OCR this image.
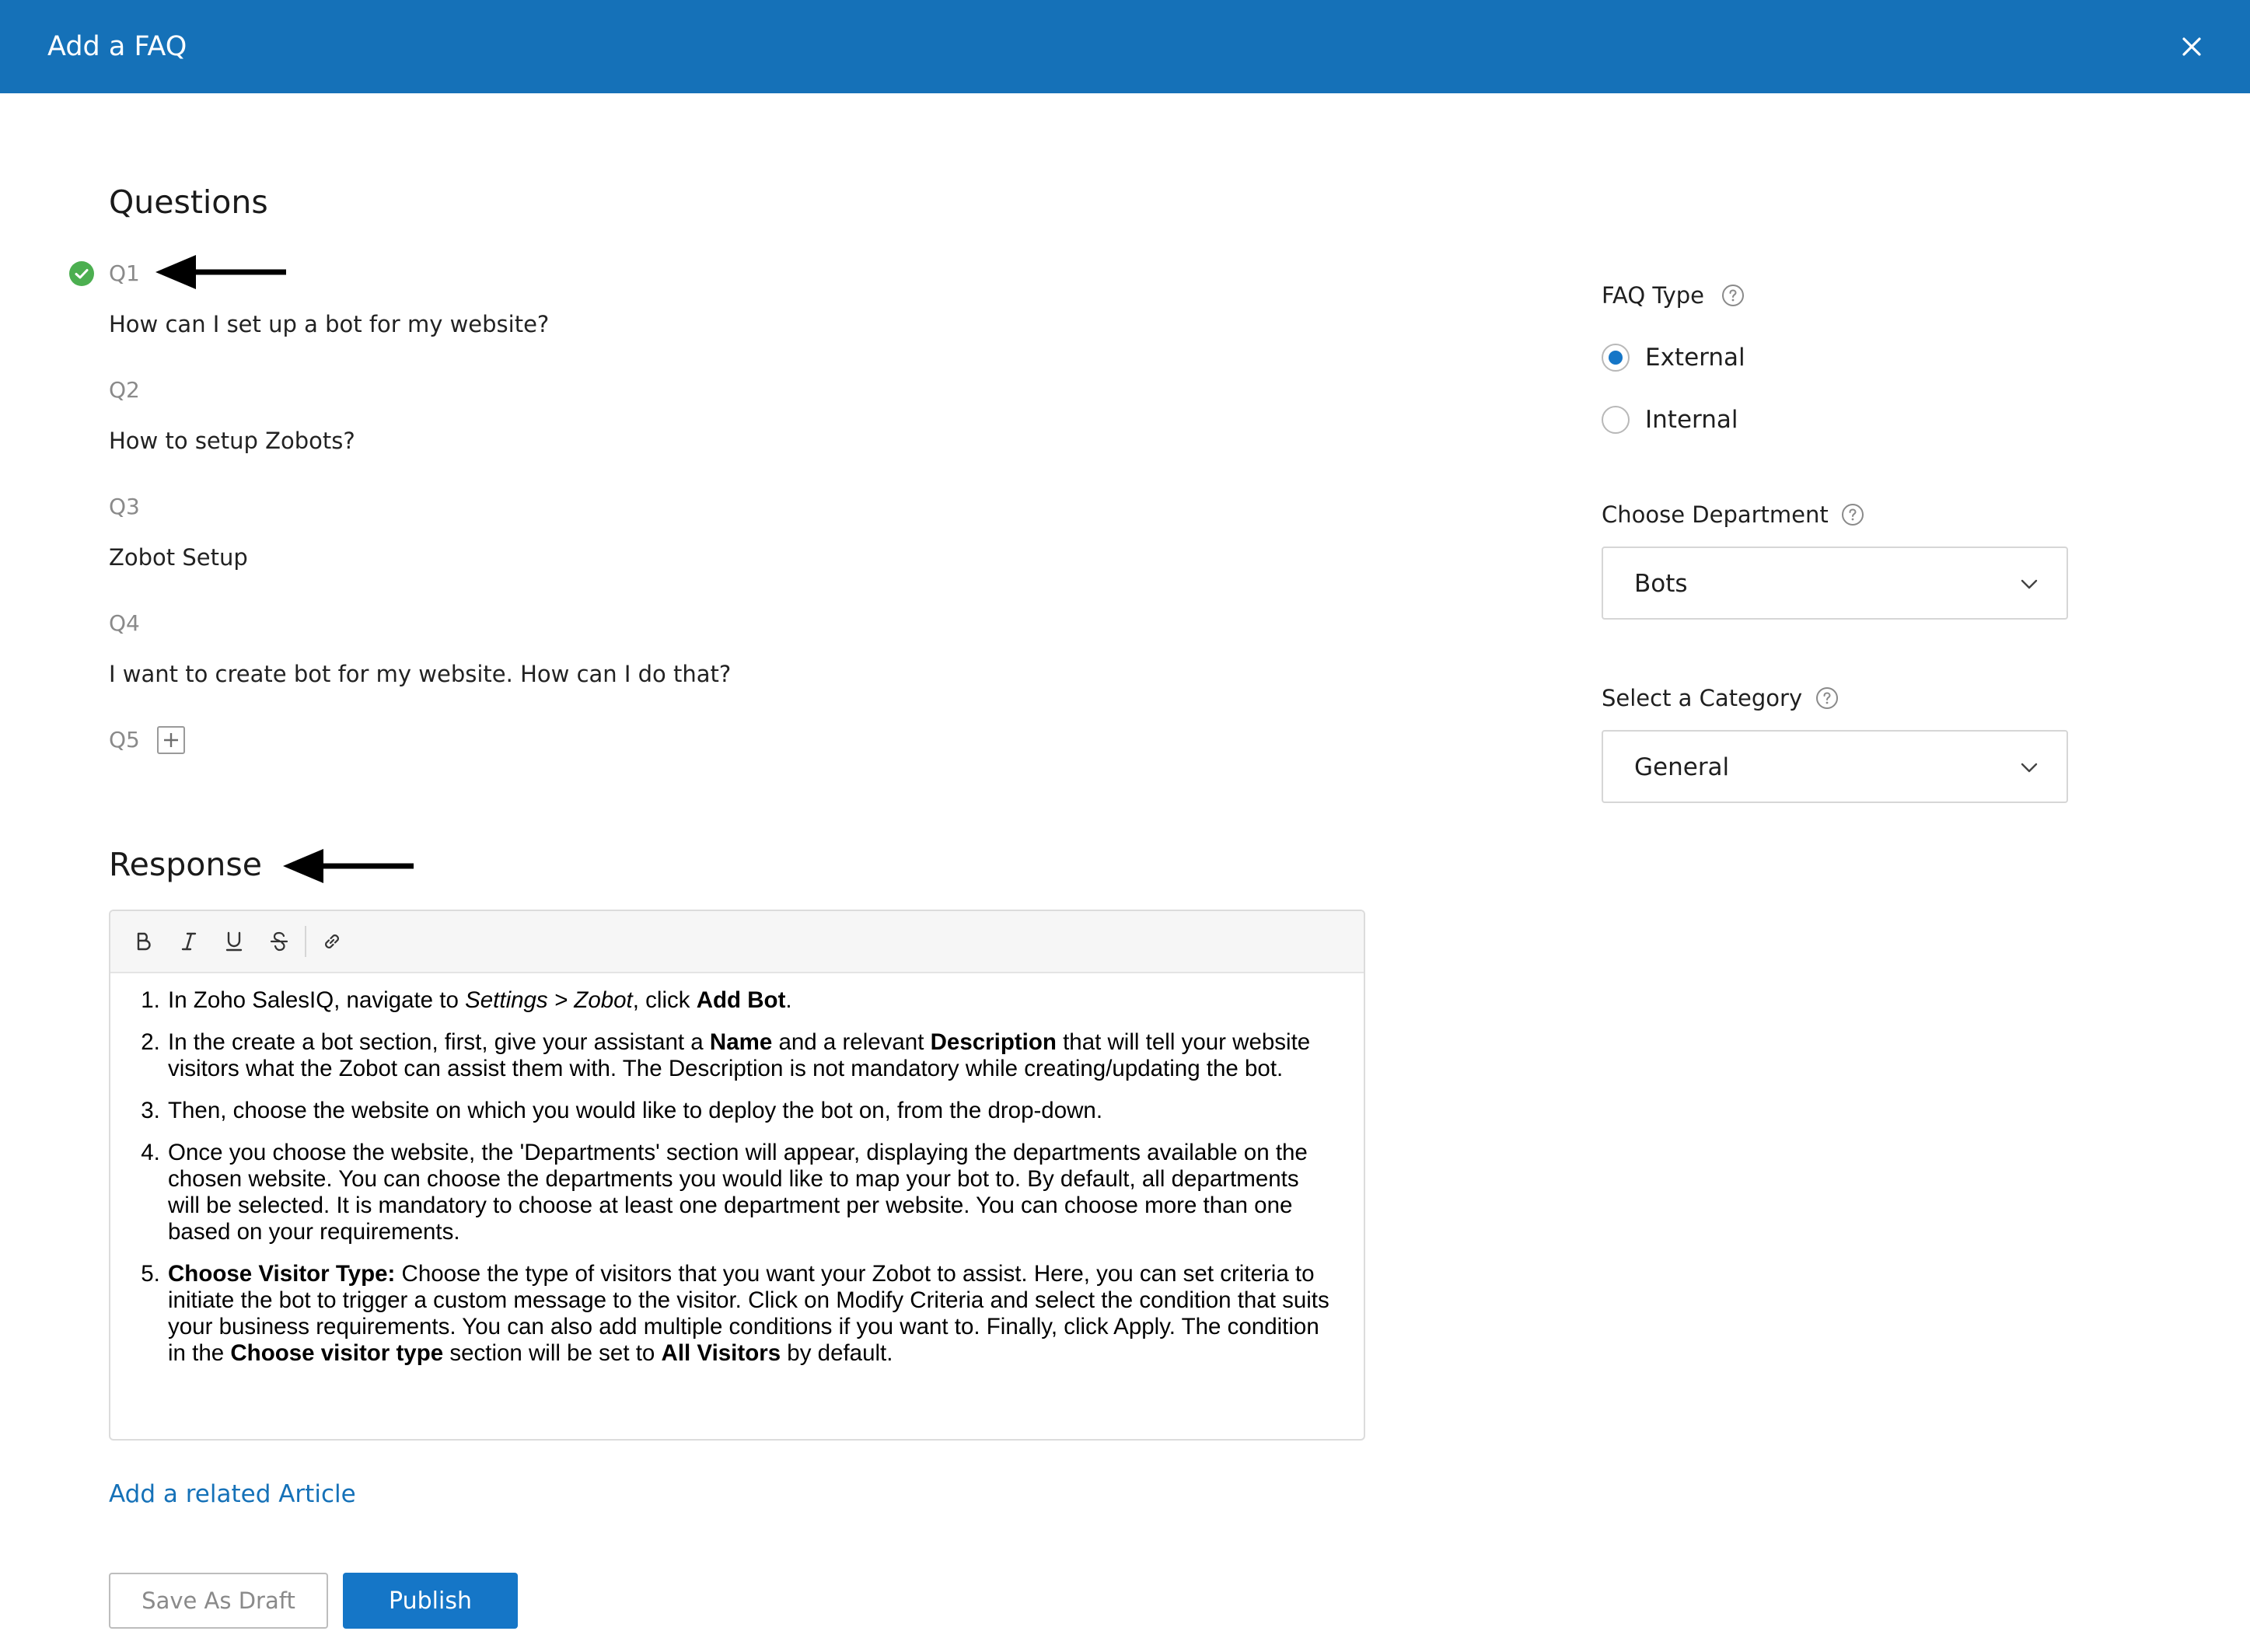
Add a FAQ
Questions
Q1
How can I set up a bot for my website?
Q2
How to setup Zobots?
Q3
Zobot Setup
Q4
I want to create bot for my website. How can I do that?
Q5
Response
1. In Zoho SalesIQ, navigate to Settings > Zobot, click Add Bot.
2. In the create a bot section, first, give your assistant a Name and a relevant Description that will tell your website visitors what the Zobot can assist them with. The Description is not mandatory while creating/updating the bot.
3. Then, choose the website on which you would like to deploy the bot on, from the drop-down.
4. Once you choose the website, the 'Departments' section will appear, displaying the departments available on the chosen website. You can choose the departments you would like to map your bot to. By default, all departments will be selected. It is mandatory to choose at least one department per website. You can choose more than one based on your requirements.
5. Choose Visitor Type: Choose the type of visitors that you want your Zobot to assist. Here, you can set criteria to initiate the bot to trigger a custom message to the visitor. Click on Modify Criteria and select the condition that suits your business requirements. You can also add multiple conditions if you want to. Finally, click Apply. The condition in the Choose visitor type section will be set to All Visitors by default.
Add a related Article
Save As Draft	Publish
FAQ Type
External
Internal
Choose Department
Bots
Select a Category
General
